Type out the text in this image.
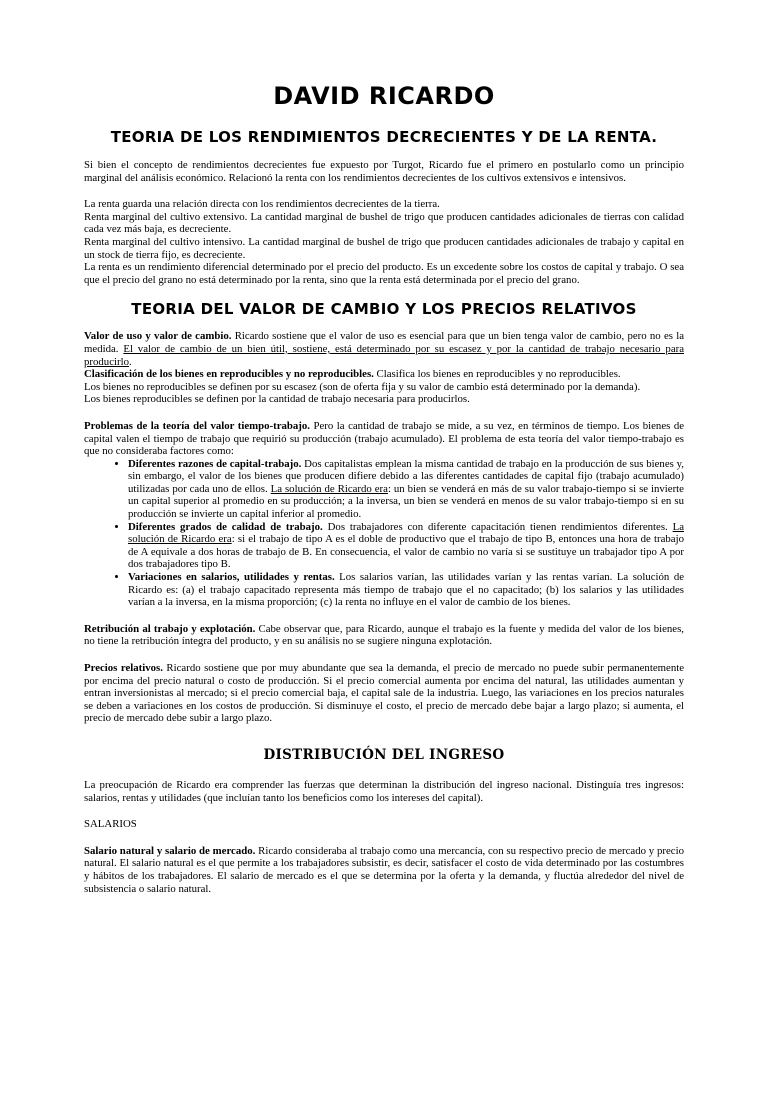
DAVID RICARDO
TEORIA DE LOS RENDIMIENTOS DECRECIENTES Y DE LA RENTA.

Si bien el concepto de rendimientos decrecientes fue expuesto por Turgot, Ricardo fue el primero en postularlo como un principio marginal del análisis económico. Relacionó la renta con los rendimientos decrecientes de los cultivos extensivos e intensivos.

La renta guarda una relación directa con los rendimientos decrecientes de la tierra.

Renta marginal del cultivo extensivo. La cantidad marginal de bushel de trigo que producen cantidades adicionales de tierras con calidad cada vez más baja, es decreciente.

Renta marginal del cultivo intensivo. La cantidad marginal de bushel de trigo que producen cantidades adicionales de trabajo y capital en un stock de tierra fijo, es decreciente.

La renta es un rendimiento diferencial determinado por el precio del producto. Es un excedente sobre los costos de capital y trabajo. O sea que el precio del grano no está determinado por la renta, sino que la renta está determinada por el precio del grano.

TEORIA DEL VALOR DE CAMBIO Y LOS PRECIOS RELATIVOS

Valor de uso y valor de cambio. Ricardo sostiene que el valor de uso es esencial para que un bien tenga valor de cambio, pero no es la medida. El valor de cambio de un bien útil, sostiene, está determinado por su escasez y por la cantidad de trabajo necesario para producirlo.

Clasificación de los bienes en reproducibles y no reproducibles. Clasifica los bienes en reproducibles y no reproducibles.

Los bienes no reproducibles se definen por su escasez (son de oferta fija y su valor de cambio está determinado por la demanda).

Los bienes reproducibles se definen por la cantidad de trabajo necesaria para producirlos.

Problemas de la teoría del valor tiempo-trabajo. Pero la cantidad de trabajo se mide, a su vez, en términos de tiempo. Los bienes de capital valen el tiempo de trabajo que requirió su producción (trabajo acumulado). El problema de esta teoría del valor tiempo-trabajo es que no consideraba factores como:

• Diferentes razones de capital-trabajo. Dos capitalistas emplean la misma cantidad de trabajo en la producción de sus bienes y, sin embargo, el valor de los bienes que producen difiere debido a las diferentes cantidades de capital fijo (trabajo acumulado) utilizadas por cada uno de ellos. La solución de Ricardo era: un bien se venderá en más de su valor trabajo-tiempo si se invierte un capital superior al promedio en su producción; a la inversa, un bien se venderá en menos de su valor trabajo-tiempo si en su producción se invierte un capital inferior al promedio.
• Diferentes grados de calidad de trabajo. Dos trabajadores con diferente capacitación tienen rendimientos diferentes. La solución de Ricardo era: si el trabajo de tipo A es el doble de productivo que el trabajo de tipo B, entonces una hora de trabajo de A equivale a dos horas de trabajo de B. En consecuencia, el valor de cambio no varía si se sustituye un trabajador tipo A por dos trabajadores tipo B.
• Variaciones en salarios, utilidades y rentas. Los salarios varían, las utilidades varían y las rentas varían. La solución de Ricardo es: (a) el trabajo capacitado representa más tiempo de trabajo que el no capacitado; (b) los salarios y las utilidades varían a la inversa, en la misma proporción; (c) la renta no influye en el valor de cambio de los bienes.

Retribución al trabajo y explotación. Cabe observar que, para Ricardo, aunque el trabajo es la fuente y medida del valor de los bienes, no tiene la retribución íntegra del producto, y en su análisis no se sugiere ninguna explotación.

Precios relativos. Ricardo sostiene que por muy abundante que sea la demanda, el precio de mercado no puede subir permanentemente por encima del precio natural o costo de producción. Si el precio comercial aumenta por encima del natural, las utilidades aumentan y entran inversionistas al mercado; si el precio comercial baja, el capital sale de la industria. Luego, las variaciones en los precios naturales se deben a variaciones en los costos de producción. Si disminuye el costo, el precio de mercado debe bajar a largo plazo; si aumenta, el precio de mercado debe subir a largo plazo.

DISTRIBUCIÓN DEL INGRESO

La preocupación de Ricardo era comprender las fuerzas que determinan la distribución del ingreso nacional. Distinguía tres ingresos: salarios, rentas y utilidades (que incluían tanto los beneficios como los intereses del capital).

SALARIOS

Salario natural y salario de mercado. Ricardo consideraba al trabajo como una mercancía, con su respectivo precio de mercado y precio natural. El salario natural es el que permite a los trabajadores subsistir, es decir, satisfacer el costo de vida determinado por las costumbres y hábitos de los trabajadores. El salario de mercado es el que se determina por la oferta y la demanda, y fluctúa alrededor del nivel de subsistencia o salario natural.
